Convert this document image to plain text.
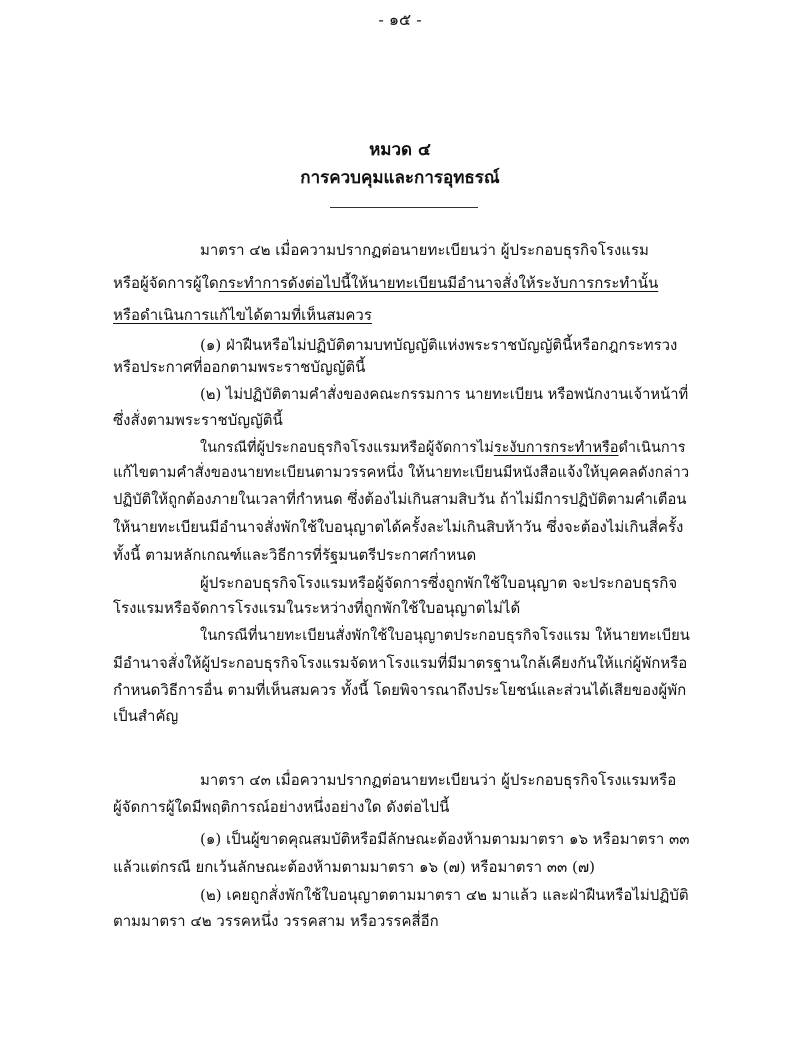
- ๑๕ -
หมวด ๔
การควบคุมและการอุทธรณ์
มาตรา ๔๒ เมื่อความปรากฏต่อนายทะเบียนว่า ผู้ประกอบธุรกิจโรงแรม
หรือผู้จัดการผู้ใดกระทำการดังต่อไปนี้ให้นายทะเบียนมีอำนาจสั่งให้ระงับการกระทำนั้น
หรือดำเนินการแก้ไขได้ตามที่เห็นสมควร
(๑) ฝ่าฝืนหรือไม่ปฏิบัติตามบทบัญญัติแห่งพระราชบัญญัตินี้หรือกฎกระทรวง
หรือประกาศที่ออกตามพระราชบัญญัตินี้
(๒) ไม่ปฏิบัติตามคำสั่งของคณะกรรมการ นายทะเบียน หรือพนักงานเจ้าหน้าที่
ซึ่งสั่งตามพระราชบัญญัตินี้
ในกรณีที่ผู้ประกอบธุรกิจโรงแรมหรือผู้จัดการไม่ระงับการกระทำหรือดำเนินการ
แก้ไขตามคำสั่งของนายทะเบียนตามวรรคหนึ่ง ให้นายทะเบียนมีหนังสือแจ้งให้บุคคลดังกล่าว
ปฏิบัติให้ถูกต้องภายในเวลาที่กำหนด ซึ่งต้องไม่เกินสามสิบวัน ถ้าไม่มีการปฏิบัติตามคำเตือน
ให้นายทะเบียนมีอำนาจสั่งพักใช้ใบอนุญาตได้ครั้งละไม่เกินสิบห้าวัน ซึ่งจะต้องไม่เกินสี่ครั้ง
ทั้งนี้ ตามหลักเกณฑ์และวิธีการที่รัฐมนตรีประกาศกำหนด
ผู้ประกอบธุรกิจโรงแรมหรือผู้จัดการซึ่งถูกพักใช้ใบอนุญาต จะประกอบธุรกิจ
โรงแรมหรือจัดการโรงแรมในระหว่างที่ถูกพักใช้ใบอนุญาตไม่ได้
ในกรณีที่นายทะเบียนสั่งพักใช้ใบอนุญาตประกอบธุรกิจโรงแรม ให้นายทะเบียน
มีอำนาจสั่งให้ผู้ประกอบธุรกิจโรงแรมจัดหาโรงแรมที่มีมาตรฐานใกล้เคียงกันให้แก่ผู้พักหรือ
กำหนดวิธีการอื่น ตามที่เห็นสมควร ทั้งนี้ โดยพิจารณาถึงประโยชน์และส่วนได้เสียของผู้พัก
เป็นสำคัญ
มาตรา ๔๓ เมื่อความปรากฏต่อนายทะเบียนว่า ผู้ประกอบธุรกิจโรงแรมหรือ
ผู้จัดการผู้ใดมีพฤติการณ์อย่างหนึ่งอย่างใด ดังต่อไปนี้
(๑) เป็นผู้ขาดคุณสมบัติหรือมีลักษณะต้องห้ามตามมาตรา ๑๖ หรือมาตรา ๓๓
แล้วแต่กรณี ยกเว้นลักษณะต้องห้ามตามมาตรา ๑๖ (๗) หรือมาตรา ๓๓ (๗)
(๒) เคยถูกสั่งพักใช้ใบอนุญาตตามมาตรา ๔๒ มาแล้ว และฝ่าฝืนหรือไม่ปฏิบัติ
ตามมาตรา ๔๒ วรรคหนึ่ง วรรคสาม หรือวรรคสี่อีก
